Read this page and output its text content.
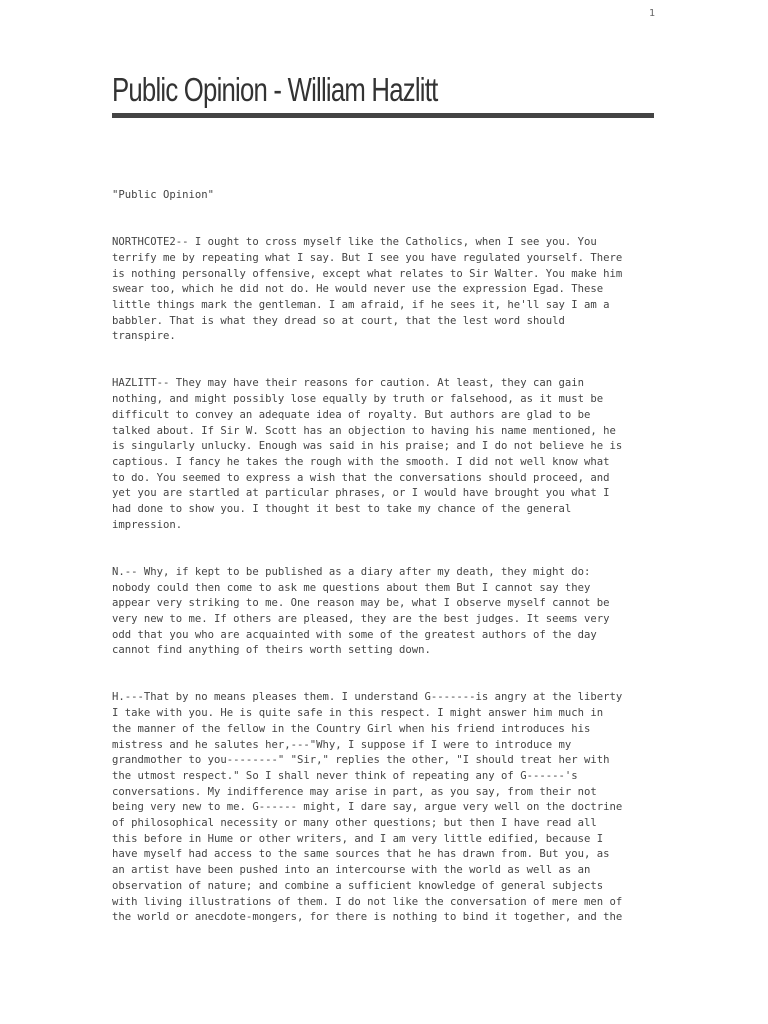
1
Public Opinion - William Hazlitt

"Public Opinion"

NORTHCOTE2-- I ought to cross myself like the Catholics, when I see you. You
terrify me by repeating what I say. But I see you have regulated yourself. There
is nothing personally offensive, except what relates to Sir Walter. You make him
swear too, which he did not do. He would never use the expression Egad. These
little things mark the gentleman. I am afraid, if he sees it, he'll say I am a
babbler. That is what they dread so at court, that the lest word should
transpire.

HAZLITT-- They may have their reasons for caution. At least, they can gain
nothing, and might possibly lose equally by truth or falsehood, as it must be
difficult to convey an adequate idea of royalty. But authors are glad to be
talked about. If Sir W. Scott has an objection to having his name mentioned, he
is singularly unlucky. Enough was said in his praise; and I do not believe he is
captious. I fancy he takes the rough with the smooth. I did not well know what
to do. You seemed to express a wish that the conversations should proceed, and
yet you are startled at particular phrases, or I would have brought you what I
had done to show you. I thought it best to take my chance of the general
impression.

N.-- Why, if kept to be published as a diary after my death, they might do:
nobody could then come to ask me questions about them But I cannot say they
appear very striking to me. One reason may be, what I observe myself cannot be
very new to me. If others are pleased, they are the best judges. It seems very
odd that you who are acquainted with some of the greatest authors of the day
cannot find anything of theirs worth setting down.

H.---That by no means pleases them. I understand G-------is angry at the liberty
I take with you. He is quite safe in this respect. I might answer him much in
the manner of the fellow in the Country Girl when his friend introduces his
mistress and he salutes her,---"Why, I suppose if I were to introduce my
grandmother to you--------" "Sir," replies the other, "I should treat her with
the utmost respect." So I shall never think of repeating any of G------'s
conversations. My indifference may arise in part, as you say, from their not
being very new to me. G------ might, I dare say, argue very well on the doctrine
of philosophical necessity or many other questions; but then I have read all
this before in Hume or other writers, and I am very little edified, because I
have myself had access to the same sources that he has drawn from. But you, as
an artist have been pushed into an intercourse with the world as well as an
observation of nature; and combine a sufficient knowledge of general subjects
with living illustrations of them. I do not like the conversation of mere men of
the world or anecdote-mongers, for there is nothing to bind it together, and the
